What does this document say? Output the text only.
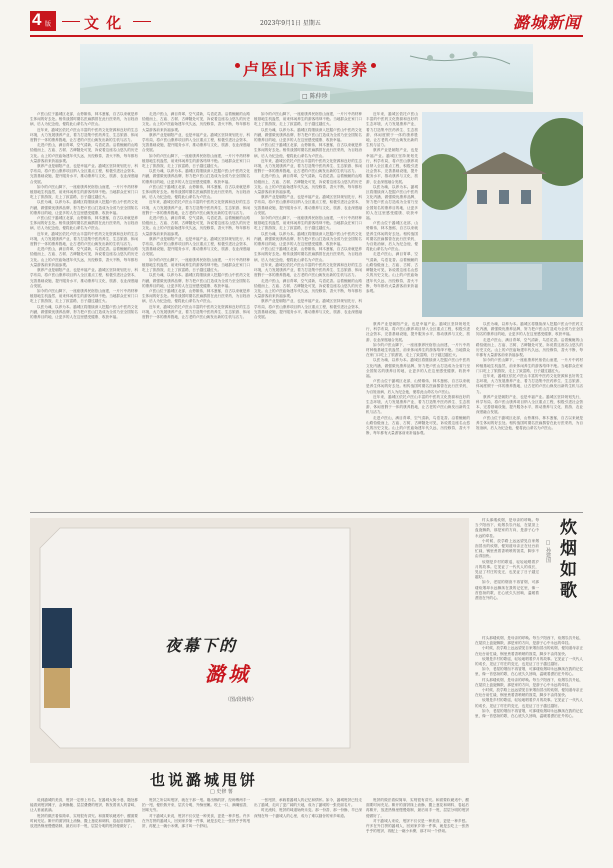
4 版 文 化	2023年9月1日 星期五	潞城新闻
卢医山下话康养
□ 陈仲珍

卢医山位于潞城区北部，山势雄伟，林木葱郁，自古以来就是养生休闲的好去处。相传战国时期名医扁鹊曾在此行医采药，为百姓治病，后人为纪念他，便将此山命名为卢医山。

近年来，潞城区依托卢医山丰富的中医药文化资源和良好的生态环境，大力发展康养产业，着力打造集中医药养生、生态旅游、休闲度假于一体的康养胜地，让古老的卢医山焕发出新的生机与活力。

走进卢医山，满目青翠，空气清新，鸟语花香。沿着蜿蜒的山路拾级而上，古庙、古树、古碑随处可见，诉说着这座名山悠久的历史文化。山上的卢医庙始建年代久远，历经修葺，香火不断，每年都有大量游客前来祈福参观。

康养产业是朝阳产业，也是幸福产业。潞城区坚持规划先行，科学布局，将卢医山康养项目纳入全区重点工程，积极引进社会资本，完善基础设施，提升服务水平，推动康养与文化、旅游、农业深度融合发展。

如今的卢医山脚下，一座座康养民宿依山而建，一片片中药材种植基地生机盎然，前来休闲养生的游客络绎不绝。当地群众在家门口吃上了旅游饭，走上了致富路，日子越过越红火。

以医为魂，以养为本。潞城区将继续深入挖掘卢医山中医药文化内涵，做强做优康养品牌，努力把卢医山打造成为全省乃至全国知名的康养目的地，让更多的人在这里感受健康、收获幸福。

卢医山位于潞城区北部，山势雄伟，林木葱郁，自古以来就是养生休闲的好去处。相传战国时期名医扁鹊曾在此行医采药，为百姓治病，后人为纪念他，便将此山命名为卢医山。

近年来，潞城区依托卢医山丰富的中医药文化资源和良好的生态环境，大力发展康养产业，着力打造集中医药养生、生态旅游、休闲度假于一体的康养胜地，让古老的卢医山焕发出新的生机与活力。

走进卢医山，满目青翠，空气清新，鸟语花香。沿着蜿蜒的山路拾级而上，古庙、古树、古碑随处可见，诉说着这座名山悠久的历史文化。山上的卢医庙始建年代久远，历经修葺，香火不断，每年都有大量游客前来祈福参观。

康养产业是朝阳产业，也是幸福产业。潞城区坚持规划先行，科学布局，将卢医山康养项目纳入全区重点工程，积极引进社会资本，完善基础设施，提升服务水平，推动康养与文化、旅游、农业深度融合发展。

如今的卢医山脚下，一座座康养民宿依山而建，一片片中药材种植基地生机盎然，前来休闲养生的游客络绎不绝。当地群众在家门口吃上了旅游饭，走上了致富路，日子越过越红火。

以医为魂，以养为本。潞城区将继续深入挖掘卢医山中医药文化内涵，做强做优康养品牌，努力把卢医山打造成为全省乃至全国知名的康养目的地，让更多的人在这里感受健康、收获幸福。

走进卢医山，满目青翠，空气清新，鸟语花香。沿着蜿蜒的山路拾级而上，古庙、古树、古碑随处可见，诉说着这座名山悠久的历史文化。山上的卢医庙始建年代久远，历经修葺，香火不断，每年都有大量游客前来祈福参观。

康养产业是朝阳产业，也是幸福产业。潞城区坚持规划先行，科学布局，将卢医山康养项目纳入全区重点工程，积极引进社会资本，完善基础设施，提升服务水平，推动康养与文化、旅游、农业深度融合发展。

如今的卢医山脚下，一座座康养民宿依山而建，一片片中药材种植基地生机盎然，前来休闲养生的游客络绎不绝。当地群众在家门口吃上了旅游饭，走上了致富路，日子越过越红火。

以医为魂，以养为本。潞城区将继续深入挖掘卢医山中医药文化内涵，做强做优康养品牌，努力把卢医山打造成为全省乃至全国知名的康养目的地，让更多的人在这里感受健康、收获幸福。

卢医山位于潞城区北部，山势雄伟，林木葱郁，自古以来就是养生休闲的好去处。相传战国时期名医扁鹊曾在此行医采药，为百姓治病，后人为纪念他，便将此山命名为卢医山。

近年来，潞城区依托卢医山丰富的中医药文化资源和良好的生态环境，大力发展康养产业，着力打造集中医药养生、生态旅游、休闲度假于一体的康养胜地，让古老的卢医山焕发出新的生机与活力。

走进卢医山，满目青翠，空气清新，鸟语花香。沿着蜿蜒的山路拾级而上，古庙、古树、古碑随处可见，诉说着这座名山悠久的历史文化。山上的卢医庙始建年代久远，历经修葺，香火不断，每年都有大量游客前来祈福参观。

康养产业是朝阳产业，也是幸福产业。潞城区坚持规划先行，科学布局，将卢医山康养项目纳入全区重点工程，积极引进社会资本，完善基础设施，提升服务水平，推动康养与文化、旅游、农业深度融合发展。

如今的卢医山脚下，一座座康养民宿依山而建，一片片中药材种植基地生机盎然，前来休闲养生的游客络绎不绝。当地群众在家门口吃上了旅游饭，走上了致富路，日子越过越红火。

以医为魂，以养为本。潞城区将继续深入挖掘卢医山中医药文化内涵，做强做优康养品牌，努力把卢医山打造成为全省乃至全国知名的康养目的地，让更多的人在这里感受健康、收获幸福。

卢医山位于潞城区北部，山势雄伟，林木葱郁，自古以来就是养生休闲的好去处。相传战国时期名医扁鹊曾在此行医采药，为百姓治病，后人为纪念他，便将此山命名为卢医山。

近年来，潞城区依托卢医山丰富的中医药文化资源和良好的生态环境，大力发展康养产业，着力打造集中医药养生、生态旅游、休闲度假于一体的康养胜地，让古老的卢医山焕发出新的生机与活力。

如今的卢医山脚下，一座座康养民宿依山而建，一片片中药材种植基地生机盎然，前来休闲养生的游客络绎不绝。当地群众在家门口吃上了旅游饭，走上了致富路，日子越过越红火。

以医为魂，以养为本。潞城区将继续深入挖掘卢医山中医药文化内涵，做强做优康养品牌，努力把卢医山打造成为全省乃至全国知名的康养目的地，让更多的人在这里感受健康、收获幸福。

卢医山位于潞城区北部，山势雄伟，林木葱郁，自古以来就是养生休闲的好去处。相传战国时期名医扁鹊曾在此行医采药，为百姓治病，后人为纪念他，便将此山命名为卢医山。

近年来，潞城区依托卢医山丰富的中医药文化资源和良好的生态环境，大力发展康养产业，着力打造集中医药养生、生态旅游、休闲度假于一体的康养胜地，让古老的卢医山焕发出新的生机与活力。

走进卢医山，满目青翠，空气清新，鸟语花香。沿着蜿蜒的山路拾级而上，古庙、古树、古碑随处可见，诉说着这座名山悠久的历史文化。山上的卢医庙始建年代久远，历经修葺，香火不断，每年都有大量游客前来祈福参观。

康养产业是朝阳产业，也是幸福产业。潞城区坚持规划先行，科学布局，将卢医山康养项目纳入全区重点工程，积极引进社会资本，完善基础设施，提升服务水平，推动康养与文化、旅游、农业深度融合发展。

如今的卢医山脚下，一座座康养民宿依山而建，一片片中药材种植基地生机盎然，前来休闲养生的游客络绎不绝。当地群众在家门口吃上了旅游饭，走上了致富路，日子越过越红火。

以医为魂，以养为本。潞城区将继续深入挖掘卢医山中医药文化内涵，做强做优康养品牌，努力把卢医山打造成为全省乃至全国知名的康养目的地，让更多的人在这里感受健康、收获幸福。

卢医山位于潞城区北部，山势雄伟，林木葱郁，自古以来就是养生休闲的好去处。相传战国时期名医扁鹊曾在此行医采药，为百姓治病，后人为纪念他，便将此山命名为卢医山。

近年来，潞城区依托卢医山丰富的中医药文化资源和良好的生态环境，大力发展康养产业，着力打造集中医药养生、生态旅游、休闲度假于一体的康养胜地，让古老的卢医山焕发出新的生机与活力。

走进卢医山，满目青翠，空气清新，鸟语花香。沿着蜿蜒的山路拾级而上，古庙、古树、古碑随处可见，诉说着这座名山悠久的历史文化。山上的卢医庙始建年代久远，历经修葺，香火不断，每年都有大量游客前来祈福参观。

康养产业是朝阳产业，也是幸福产业。潞城区坚持规划先行，科学布局，将卢医山康养项目纳入全区重点工程，积极引进社会资本，完善基础设施，提升服务水平，推动康养与文化、旅游、农业深度融合发展。

近年来，潞城区依托卢医山丰富的中医药文化资源和良好的生态环境，大力发展康养产业，着力打造集中医药养生、生态旅游、休闲度假于一体的康养胜地，让古老的卢医山焕发出新的生机与活力。

康养产业是朝阳产业，也是幸福产业。潞城区坚持规划先行，科学布局，将卢医山康养项目纳入全区重点工程，积极引进社会资本，完善基础设施，提升服务水平，推动康养与文化、旅游、农业深度融合发展。

以医为魂，以养为本。潞城区将继续深入挖掘卢医山中医药文化内涵，做强做优康养品牌，努力把卢医山打造成为全省乃至全国知名的康养目的地，让更多的人在这里感受健康、收获幸福。

卢医山位于潞城区北部，山势雄伟，林木葱郁，自古以来就是养生休闲的好去处。相传战国时期名医扁鹊曾在此行医采药，为百姓治病，后人为纪念他，便将此山命名为卢医山。

走进卢医山，满目青翠，空气清新，鸟语花香。沿着蜿蜒的山路拾级而上，古庙、古树、古碑随处可见，诉说着这座名山悠久的历史文化。山上的卢医庙始建年代久远，历经修葺，香火不断，每年都有大量游客前来祈福参观。

康养产业是朝阳产业，也是幸福产业。潞城区坚持规划先行，科学布局，将卢医山康养项目纳入全区重点工程，积极引进社会资本，完善基础设施，提升服务水平，推动康养与文化、旅游、农业深度融合发展。

如今的卢医山脚下，一座座康养民宿依山而建，一片片中药材种植基地生机盎然，前来休闲养生的游客络绎不绝。当地群众在家门口吃上了旅游饭，走上了致富路，日子越过越红火。

以医为魂，以养为本。潞城区将继续深入挖掘卢医山中医药文化内涵，做强做优康养品牌，努力把卢医山打造成为全省乃至全国知名的康养目的地，让更多的人在这里感受健康、收获幸福。

卢医山位于潞城区北部，山势雄伟，林木葱郁，自古以来就是养生休闲的好去处。相传战国时期名医扁鹊曾在此行医采药，为百姓治病，后人为纪念他，便将此山命名为卢医山。

近年来，潞城区依托卢医山丰富的中医药文化资源和良好的生态环境，大力发展康养产业，着力打造集中医药养生、生态旅游、休闲度假于一体的康养胜地，让古老的卢医山焕发出新的生机与活力。

走进卢医山，满目青翠，空气清新，鸟语花香。沿着蜿蜒的山路拾级而上，古庙、古树、古碑随处可见，诉说着这座名山悠久的历史文化。山上的卢医庙始建年代久远，历经修葺，香火不断，每年都有大量游客前来祈福参观。

以医为魂，以养为本。潞城区将继续深入挖掘卢医山中医药文化内涵，做强做优康养品牌，努力把卢医山打造成为全省乃至全国知名的康养目的地，让更多的人在这里感受健康、收获幸福。

走进卢医山，满目青翠，空气清新，鸟语花香。沿着蜿蜒的山路拾级而上，古庙、古树、古碑随处可见，诉说着这座名山悠久的历史文化。山上的卢医庙始建年代久远，历经修葺，香火不断，每年都有大量游客前来祈福参观。

如今的卢医山脚下，一座座康养民宿依山而建，一片片中药材种植基地生机盎然，前来休闲养生的游客络绎不绝。当地群众在家门口吃上了旅游饭，走上了致富路，日子越过越红火。

近年来，潞城区依托卢医山丰富的中医药文化资源和良好的生态环境，大力发展康养产业，着力打造集中医药养生、生态旅游、休闲度假于一体的康养胜地，让古老的卢医山焕发出新的生机与活力。

康养产业是朝阳产业，也是幸福产业。潞城区坚持规划先行，科学布局，将卢医山康养项目纳入全区重点工程，积极引进社会资本，完善基础设施，提升服务水平，推动康养与文化、旅游、农业深度融合发展。

卢医山位于潞城区北部，山势雄伟，林木葱郁，自古以来就是养生休闲的好去处。相传战国时期名医扁鹊曾在此行医采药，为百姓治病，后人为纪念他，便将此山命名为卢医山。

夜幕下的
潞城
（图/段铸铸）
炊烟如歌
□ 孙建国

村头那缕炊烟，是母亲的呼唤。每当夕阳西下，炊烟袅袅升起，在屋顶上盘旋飘散，那是家的方向，是游子心中永远的牵挂。

小时候，放学路上远远望见自家烟囱冒出的炊烟，便知道母亲正在灶台前忙碌，锅里煮着香喷喷的饭菜，脚步不由得加快。

炊烟是乡村的歌谣，轻轻地唱着岁月的故事。它见证了一代代人的成长，见证了村庄的变迁，也见证了日子越过越好。

如今，老屋的烟囱不再冒烟，可那缕炊烟却永远飘荡在我的记忆里，像一首悠扬的歌，在心底久久回响，温暖着漂泊在外的心。

村头那缕炊烟，是母亲的呼唤。每当夕阳西下，炊烟袅袅升起，在屋顶上盘旋飘散，那是家的方向，是游子心中永远的牵挂。

小时候，放学路上远远望见自家烟囱冒出的炊烟，便知道母亲正在灶台前忙碌，锅里煮着香喷喷的饭菜，脚步不由得加快。

炊烟是乡村的歌谣，轻轻地唱着岁月的故事。它见证了一代代人的成长，见证了村庄的变迁，也见证了日子越过越好。

如今，老屋的烟囱不再冒烟，可那缕炊烟却永远飘荡在我的记忆里，像一首悠扬的歌，在心底久久回响，温暖着漂泊在外的心。

村头那缕炊烟，是母亲的呼唤。每当夕阳西下，炊烟袅袅升起，在屋顶上盘旋飘散，那是家的方向，是游子心中永远的牵挂。

小时候，放学路上远远望见自家烟囱冒出的炊烟，便知道母亲正在灶台前忙碌，锅里煮着香喷喷的饭菜，脚步不由得加快。

炊烟是乡村的歌谣，轻轻地唱着岁月的故事。它见证了一代代人的成长，见证了村庄的变迁，也见证了日子越过越好。

如今，老屋的烟囱不再冒烟，可那缕炊烟却永远飘荡在我的记忆里，像一首悠扬的歌，在心底久久回响，温暖着漂泊在外的心。

也说潞城甩饼
□ 史修 薯

说到潞城的美食，甩饼一定榜上有名。在潞城大街小巷，随处都能看到甩饼摊子，金黄酥脆、层层叠叠的甩饼，散发着诱人的香味，让人垂涎欲滴。

甩饼的做法看似简单，实则很有讲究。和面要软硬适中，醒面要时间充足。擀开的面饼抹上油酥，撒上葱花和调料，卷起后再擀开，放进热锅里慢慢烙制，最后用手一甩，层层分明的甩饼便做好了。

甩饼之所以叫甩饼，就在于那一甩。刚出锅的饼，经师傅两手一拍一甩，便松散开来，层次分明，外酥里嫩。咬上一口，满嘴留香，回味无穷。

对于潞城人来说，甩饼不仅仅是一种美食，更是一种乡愁。许多在外打拼的潞城人，回到家乡第一件事，就是去吃上一张热乎乎的甩饼，再配上一碗小米粥，那才叫一个舒坦。

一张甩饼，承载着潞城人的记忆和情怀。如今，潞城甩饼已经走出了潞城，走向了更广阔的天地，成为了潞城的一张亮丽名片。

时光流转，甩饼的味道始终未变。那一份香、那一份酥，早已深深刻在每一个潞城人的心里，成为了难以割舍的家乡味道。

甩饼的做法看似简单，实则很有讲究。和面要软硬适中，醒面要时间充足。擀开的面饼抹上油酥，撒上葱花和调料，卷起后再擀开，放进热锅里慢慢烙制，最后用手一甩，层层分明的甩饼便做好了。

对于潞城人来说，甩饼不仅仅是一种美食，更是一种乡愁。许多在外打拼的潞城人，回到家乡第一件事，就是去吃上一张热乎乎的甩饼，再配上一碗小米粥，那才叫一个舒坦。
